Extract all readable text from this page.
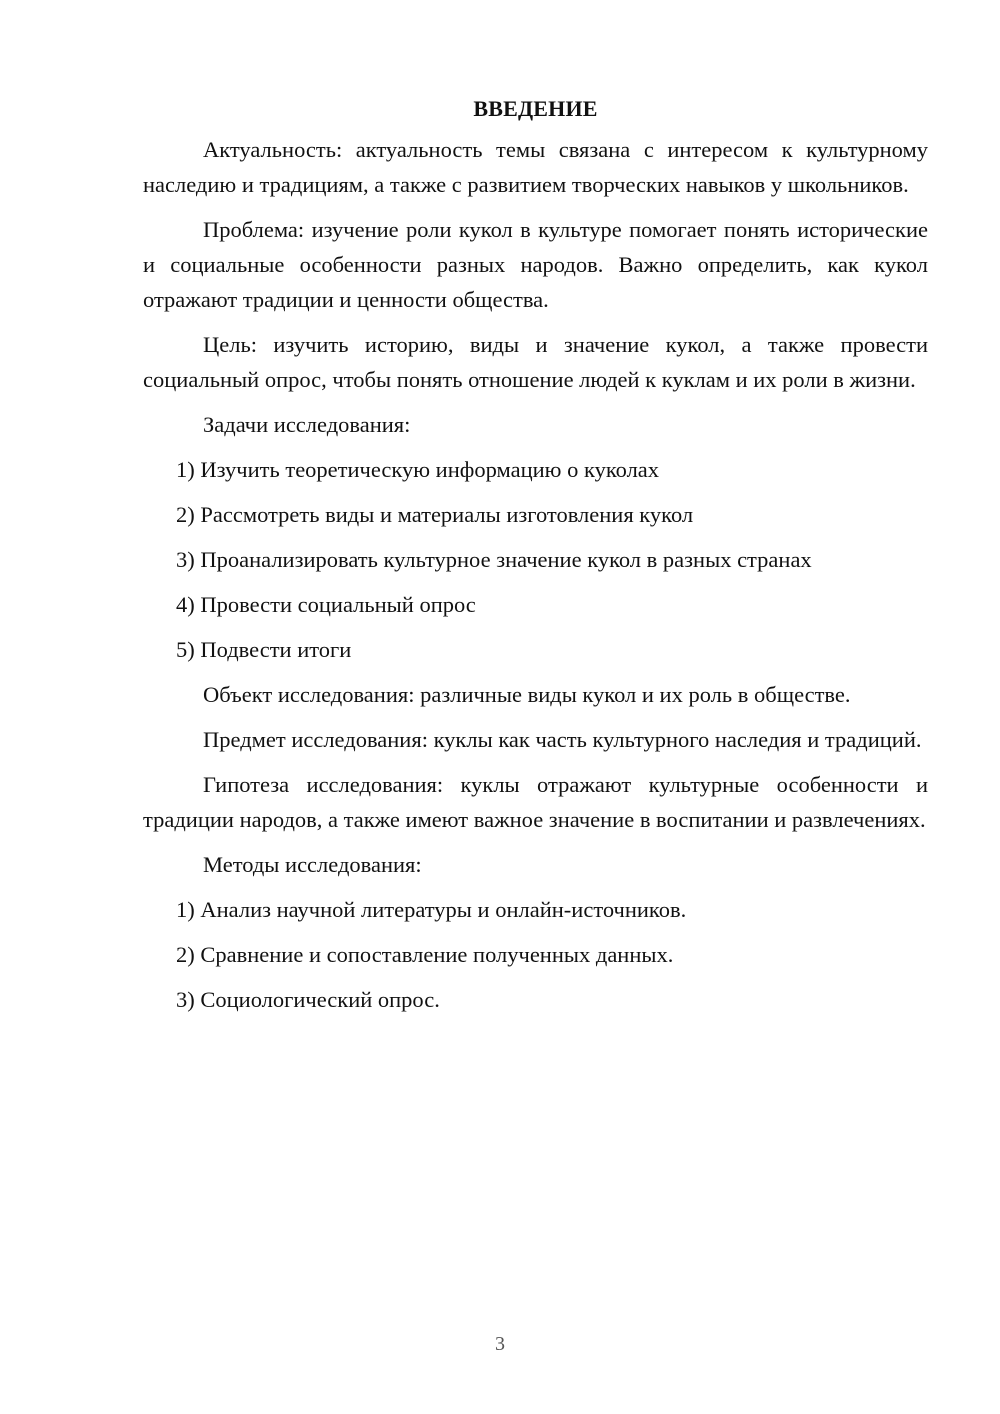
ВВЕДЕНИЕ

Актуальность: актуальность темы связана с интересом к культурному наследию и традициям, а также с развитием творческих навыков у школьников.

Проблема: изучение роли кукол в культуре помогает понять исторические и социальные особенности разных народов. Важно определить, как кукол отражают традиции и ценности общества.

Цель: изучить историю, виды и значение кукол, а также провести социальный опрос, чтобы понять отношение людей к куклам и их роли в жизни.

Задачи исследования:

1) Изучить теоретическую информацию о куколах
2) Рассмотреть виды и материалы изготовления кукол
3) Проанализировать культурное значение кукол в разных странах
4) Провести социальный опрос
5) Подвести итоги

Объект исследования: различные виды кукол и их роль в обществе.

Предмет исследования: куклы как часть культурного наследия и традиций.

Гипотеза исследования: куклы отражают культурные особенности и традиции народов, а также имеют важное значение в воспитании и развлечениях.

Методы исследования:

1) Анализ научной литературы и онлайн-источников.
2) Сравнение и сопоставление полученных данных.
3) Социологический опрос.
3
